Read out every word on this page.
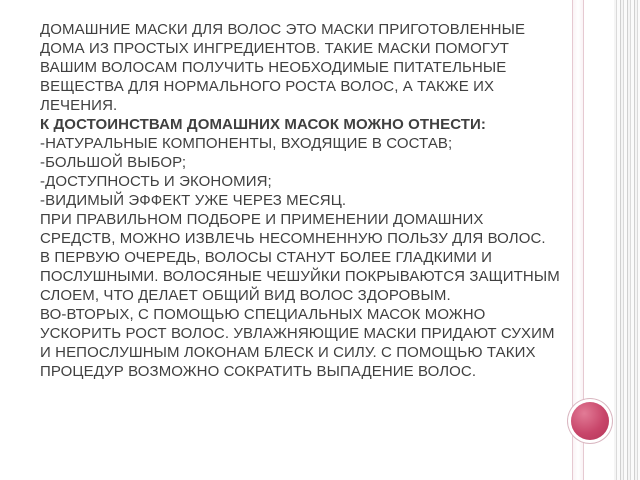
ДОМАШНИЕ МАСКИ ДЛЯ ВОЛОС ЭТО МАСКИ ПРИГОТОВЛЕННЫЕ ДОМА ИЗ ПРОСТЫХ ИНГРЕДИЕНТОВ. ТАКИЕ МАСКИ ПОМОГУТ ВАШИМ ВОЛОСАМ ПОЛУЧИТЬ НЕОБХОДИМЫЕ ПИТАТЕЛЬНЫЕ ВЕЩЕСТВА ДЛЯ НОРМАЛЬНОГО РОСТА ВОЛОС, А ТАКЖЕ ИХ ЛЕЧЕНИЯ.

К ДОСТОИНСТВАМ ДОМАШНИХ МАСОК МОЖНО ОТНЕСТИ:

-НАТУРАЛЬНЫЕ КОМПОНЕНТЫ, ВХОДЯЩИЕ В СОСТАВ;

-БОЛЬШОЙ ВЫБОР;

-ДОСТУПНОСТЬ И ЭКОНОМИЯ;

-ВИДИМЫЙ ЭФФЕКТ УЖЕ ЧЕРЕЗ МЕСЯЦ.

ПРИ ПРАВИЛЬНОМ ПОДБОРЕ И ПРИМЕНЕНИИ ДОМАШНИХ СРЕДСТВ, МОЖНО ИЗВЛЕЧЬ НЕСОМНЕННУЮ ПОЛЬЗУ ДЛЯ ВОЛОС.

В ПЕРВУЮ ОЧЕРЕДЬ, ВОЛОСЫ СТАНУТ БОЛЕЕ ГЛАДКИМИ И ПОСЛУШНЫМИ. ВОЛОСЯНЫЕ ЧЕШУЙКИ ПОКРЫВАЮТСЯ ЗАЩИТНЫМ СЛОЕМ, ЧТО ДЕЛАЕТ ОБЩИЙ ВИД ВОЛОС ЗДОРОВЫМ.

ВО-ВТОРЫХ, С ПОМОЩЬЮ СПЕЦИАЛЬНЫХ МАСОК МОЖНО УСКОРИТЬ РОСТ ВОЛОС. УВЛАЖНЯЮЩИЕ МАСКИ ПРИДАЮТ СУХИМ И НЕПОСЛУШНЫМ ЛОКОНАМ БЛЕСК И СИЛУ. С ПОМОЩЬЮ ТАКИХ ПРОЦЕДУР ВОЗМОЖНО СОКРАТИТЬ ВЫПАДЕНИЕ ВОЛОС.
